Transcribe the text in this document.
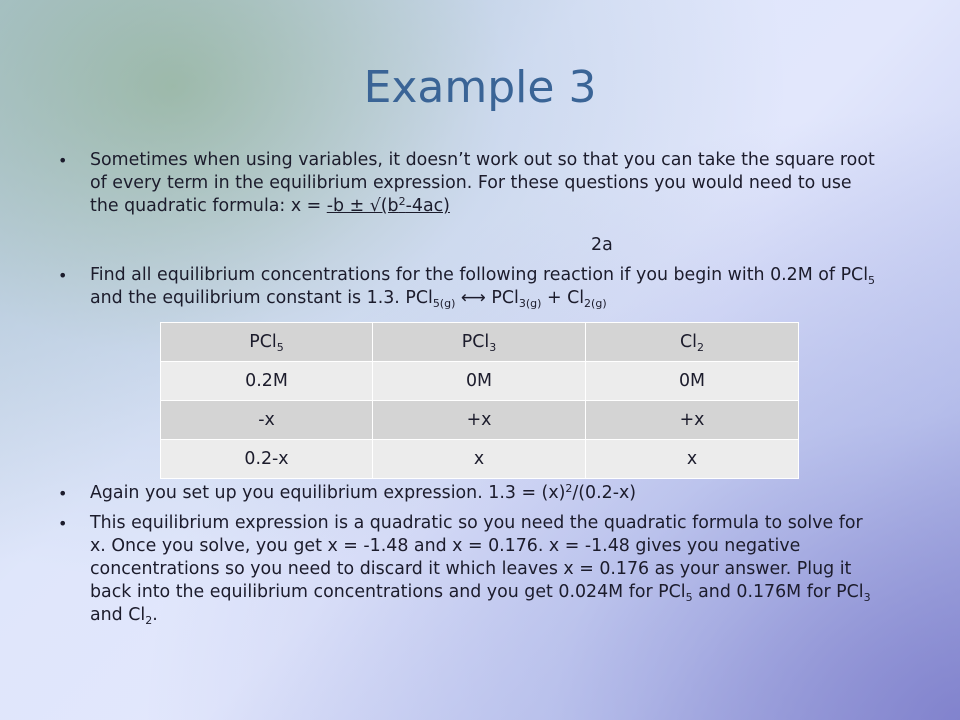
Example 3
• Sometimes when using variables, it doesn’t work out so that you can take the square root of every term in the equilibrium expression. For these questions you would need to use the quadratic formula: $x = -b \pm √(b^2-4ac)$
2a
• Find all equilibrium concentrations for the following reaction if you begin with 0.2M of PCl$_5$ and the equilibrium constant is 1.3. PCl$_{5(g)}$ ⟷ $PCl_{3(g)} + Cl_{2(g)}$
PCl$_5$	PCl$_3$	$Cl_2$
0.2M	0M	0M
-x	+x	+x
0.2-x	x	x
• Again you set up you equilibrium expression. $1.3 = (x)^2/(0.2-x)$
• This equilibrium expression is a quadratic so you need the quadratic formula to solve for x. Once you solve, you get x = -1.48 and x = 0.176. x = -1.48 gives you negative concentrations so you need to discard it which leaves x = 0.176 as your answer. Plug it back into the equilibrium concentrations and you get 0.024M for PCl$_5$ and 0.176M for PCl$_3$ and $Cl_2$.
